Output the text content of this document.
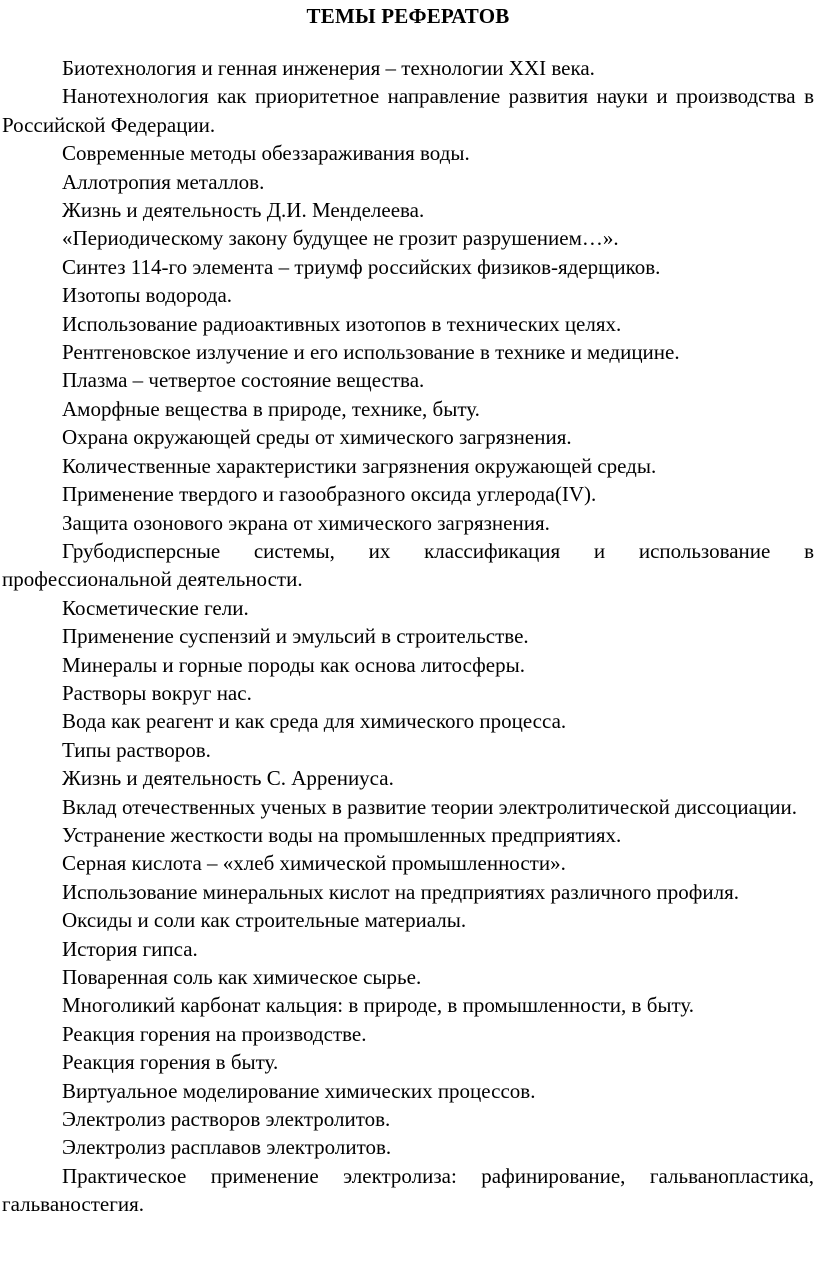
ТЕМЫ РЕФЕРАТОВ

Биотехнология и генная инженерия – технологии XXI века.

Нанотехнология как приоритетное направление развития науки и производства в Российской Федерации.

Современные методы обеззараживания воды.

Аллотропия металлов.

Жизнь и деятельность Д.И. Менделеева.

«Периодическому закону будущее не грозит разрушением…».

Синтез 114-го элемента – триумф российских физиков-ядерщиков.

Изотопы водорода.

Использование радиоактивных изотопов в технических целях.

Рентгеновское излучение и его использование в технике и медицине.

Плазма – четвертое состояние вещества.

Аморфные вещества в природе, технике, быту.

Охрана окружающей среды от химического загрязнения.

Количественные характеристики загрязнения окружающей среды.

Применение твердого и газообразного оксида углерода(IV).

Защита озонового экрана от химического загрязнения.

Грубодисперсные системы, их классификация и использование в профессиональной деятельности.

Косметические гели.

Применение суспензий и эмульсий в строительстве.

Минералы и горные породы как основа литосферы.

Растворы вокруг нас.

Вода как реагент и как среда для химического процесса.

Типы растворов.

Жизнь и деятельность С. Аррениуса.

Вклад отечественных ученых в развитие теории электролитической диссоциации.

Устранение жесткости воды на промышленных предприятиях.

Серная кислота – «хлеб химической промышленности».

Использование минеральных кислот на предприятиях различного профиля.

Оксиды и соли как строительные материалы.

История гипса.

Поваренная соль как химическое сырье.

Многоликий карбонат кальция: в природе, в промышленности, в быту.

Реакция горения на производстве.

Реакция горения в быту.

Виртуальное моделирование химических процессов.

Электролиз растворов электролитов.

Электролиз расплавов электролитов.

Практическое применение электролиза: рафинирование, гальванопластика, гальваностегия.
